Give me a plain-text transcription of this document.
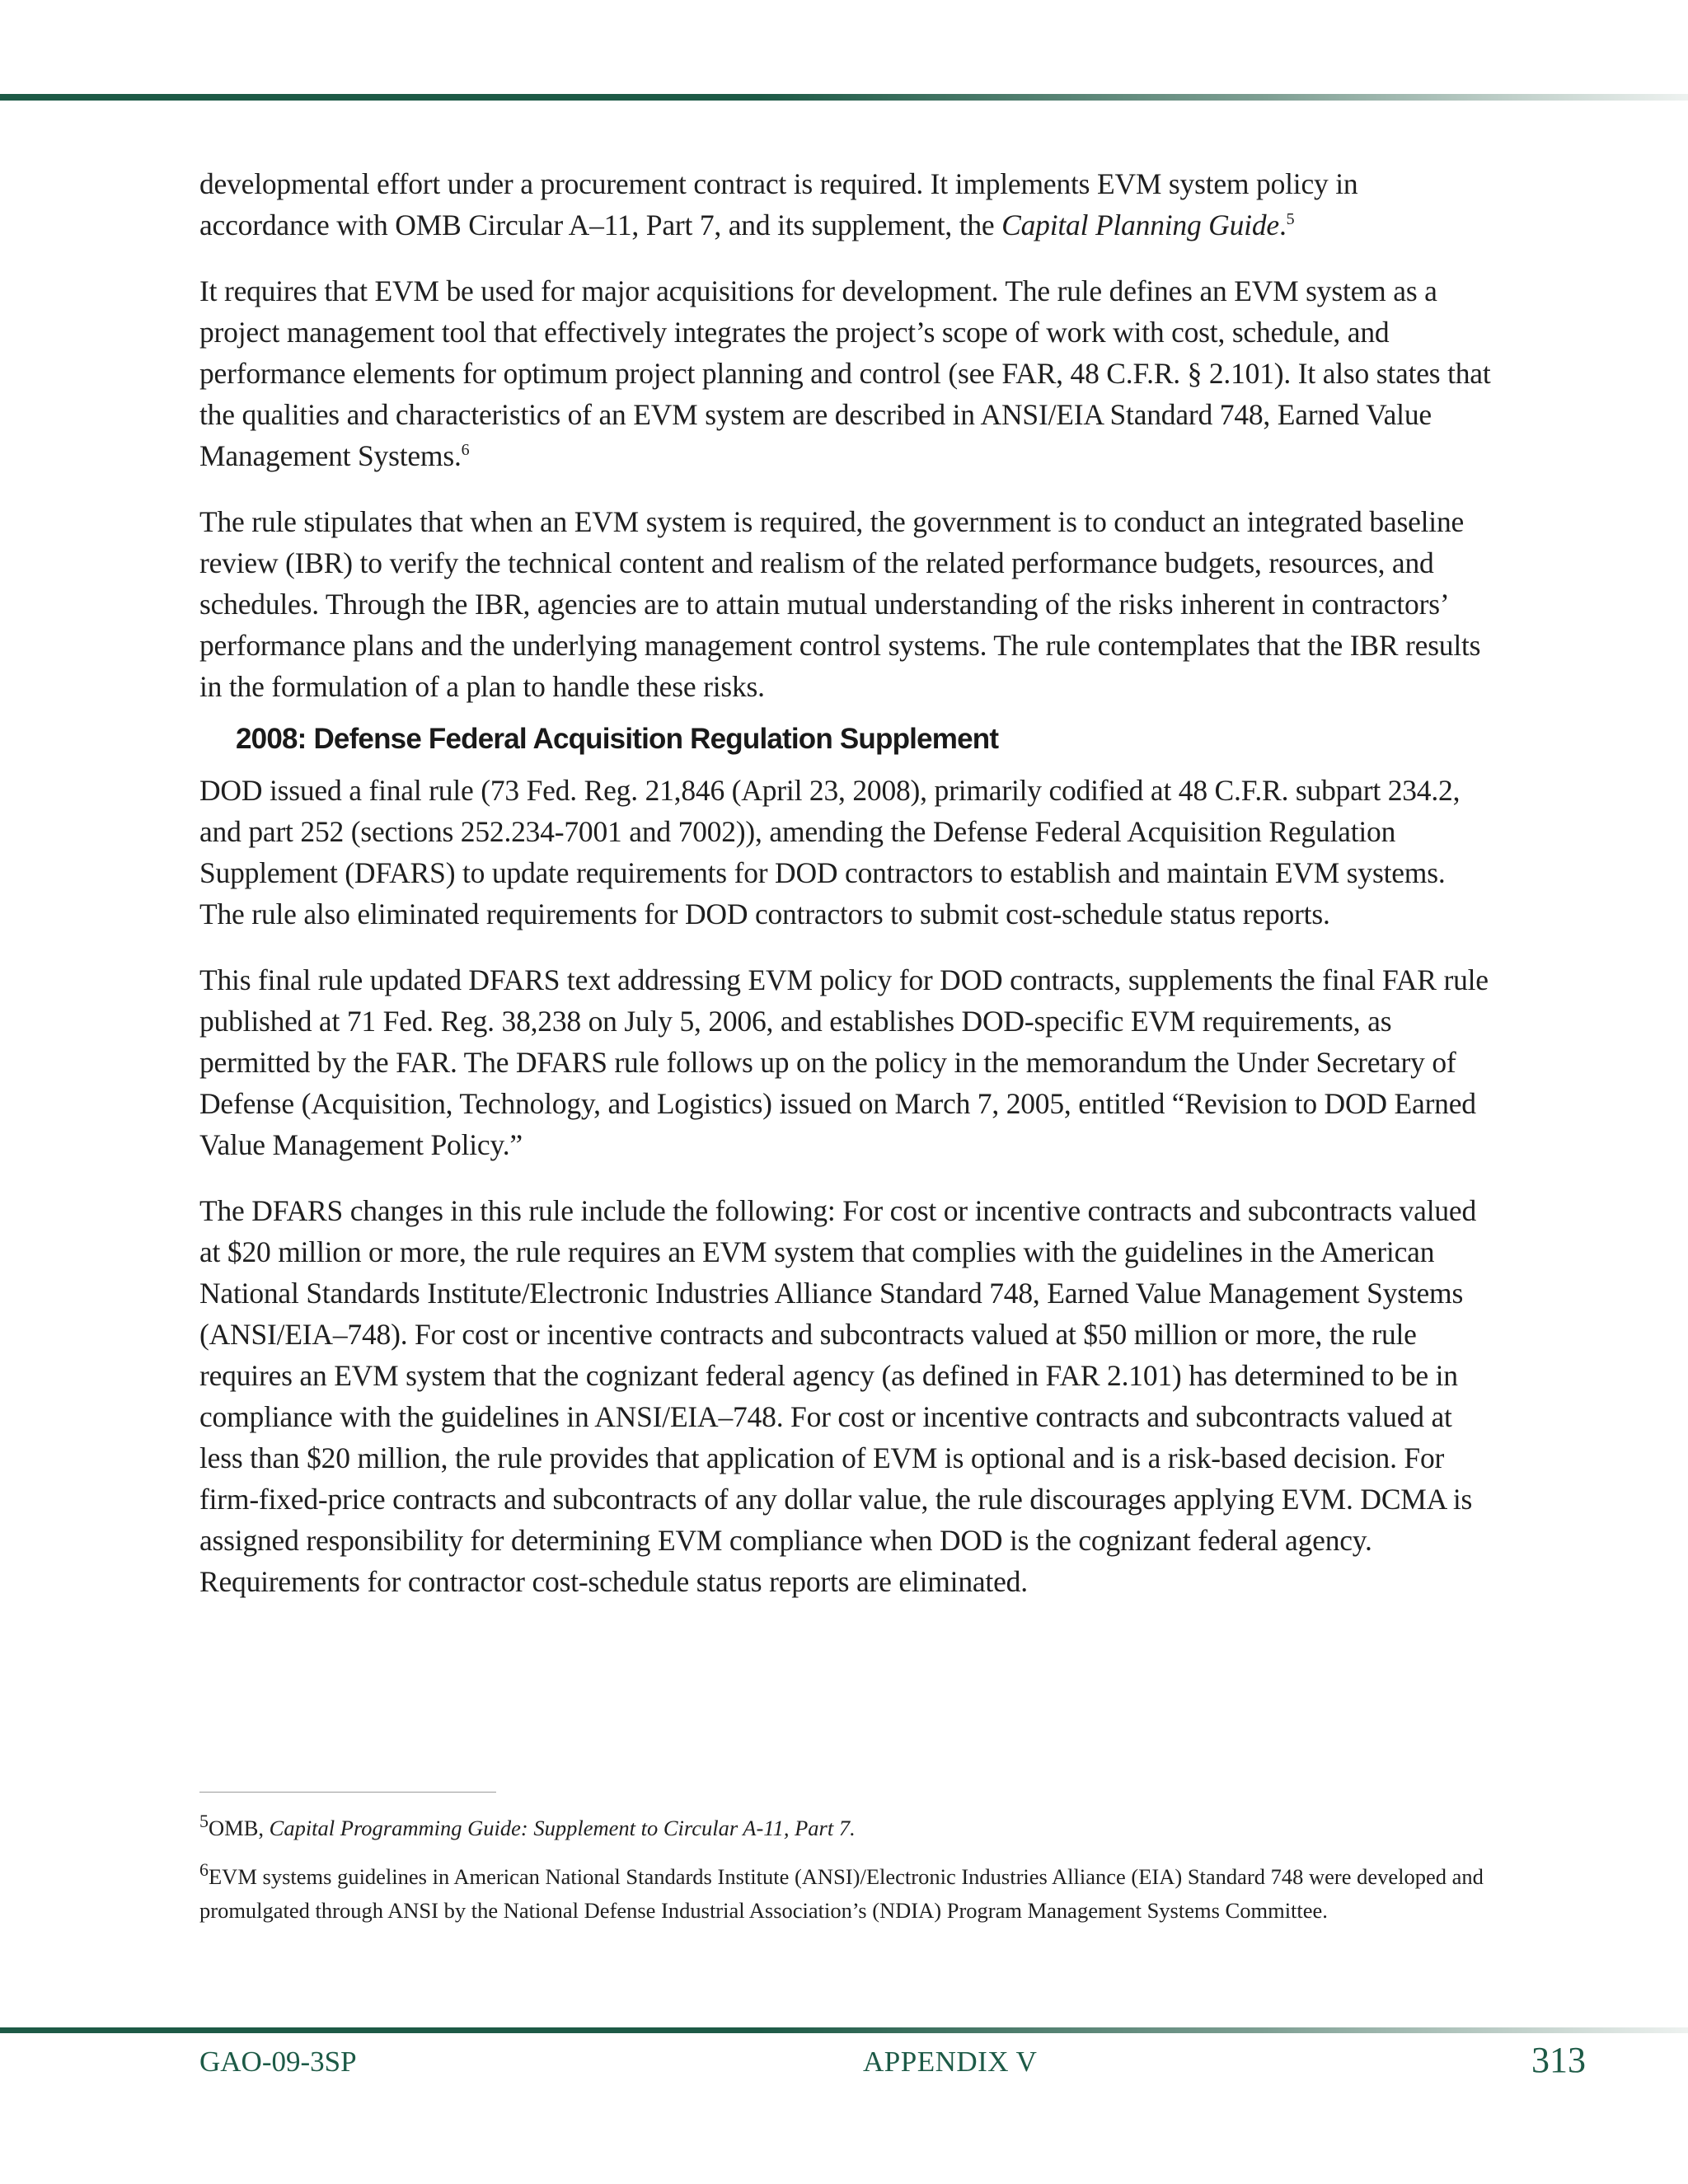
developmental effort under a procurement contract is required. It implements EVM system policy in accordance with OMB Circular A–11, Part 7, and its supplement, the Capital Planning Guide.$^5$

It requires that EVM be used for major acquisitions for development. The rule defines an EVM system as a project management tool that effectively integrates the project’s scope of work with cost, schedule, and performance elements for optimum project planning and control (see FAR, 48 C.F.R. § 2.101). It also states that the qualities and characteristics of an EVM system are described in ANSI/EIA Standard 748, Earned Value Management Systems.$^6$

The rule stipulates that when an EVM system is required, the government is to conduct an integrated baseline review (IBR) to verify the technical content and realism of the related performance budgets, resources, and schedules. Through the IBR, agencies are to attain mutual understanding of the risks inherent in contractors’ performance plans and the underlying management control systems. The rule contemplates that the IBR results in the formulation of a plan to handle these risks.

2008: Defense Federal Acquisition Regulation Supplement

DOD issued a final rule (73 Fed. Reg. 21,846 (April 23, 2008), primarily codified at 48 C.F.R. subpart 234.2, and part 252 (sections 252.234-7001 and 7002)), amending the Defense Federal Acquisition Regulation Supplement (DFARS) to update requirements for DOD contractors to establish and maintain EVM systems. The rule also eliminated requirements for DOD contractors to submit cost-schedule status reports.

This final rule updated DFARS text addressing EVM policy for DOD contracts, supplements the final FAR rule published at 71 Fed. Reg. 38,238 on July 5, 2006, and establishes DOD-specific EVM requirements, as permitted by the FAR. The DFARS rule follows up on the policy in the memorandum the Under Secretary of Defense (Acquisition, Technology, and Logistics) issued on March 7, 2005, entitled “Revision to DOD Earned Value Management Policy.”

The DFARS changes in this rule include the following: For cost or incentive contracts and subcontracts valued at $20 million or more, the rule requires an EVM system that complies with the guidelines in the American National Standards Institute/Electronic Industries Alliance Standard 748, Earned Value Management Systems (ANSI/EIA–748). For cost or incentive contracts and subcontracts valued at $50 million or more, the rule requires an EVM system that the cognizant federal agency (as defined in FAR 2.101) has determined to be in compliance with the guidelines in ANSI/EIA–748. For cost or incentive contracts and subcontracts valued at less than $20 million, the rule provides that application of EVM is optional and is a risk-based decision. For firm-fixed-price contracts and subcontracts of any dollar value, the rule discourages applying EVM. DCMA is assigned responsibility for determining EVM compliance when DOD is the cognizant federal agency. Requirements for contractor cost-schedule status reports are eliminated.

$^5$OMB, Capital Programming Guide: Supplement to Circular A-11, Part 7.

$^6$EVM systems guidelines in American National Standards Institute (ANSI)/Electronic Industries Alliance (EIA) Standard 748 were developed and promulgated through ANSI by the National Defense Industrial Association’s (NDIA) Program Management Systems Committee.

GAO-09-3SP	APPENDIX V	313
